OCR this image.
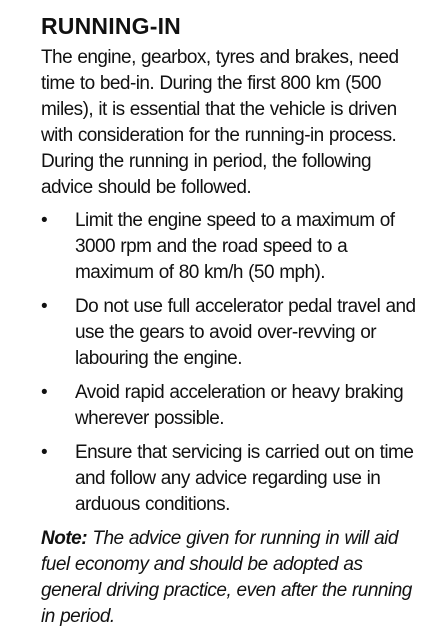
RUNNING-IN

The engine, gearbox, tyres and brakes, need time to bed-in. During the first 800 km (500 miles), it is essential that the vehicle is driven with consideration for the running-in process. During the running in period, the following advice should be followed.

•	Limit the engine speed to a maximum of 3000 rpm and the road speed to a maximum of 80 km/h (50 mph).
•	Do not use full accelerator pedal travel and use the gears to avoid over-revving or labouring the engine.
•	Avoid rapid acceleration or heavy braking wherever possible.
•	Ensure that servicing is carried out on time and follow any advice regarding use in arduous conditions.

Note: The advice given for running in will aid fuel economy and should be adopted as general driving practice, even after the running in period.
